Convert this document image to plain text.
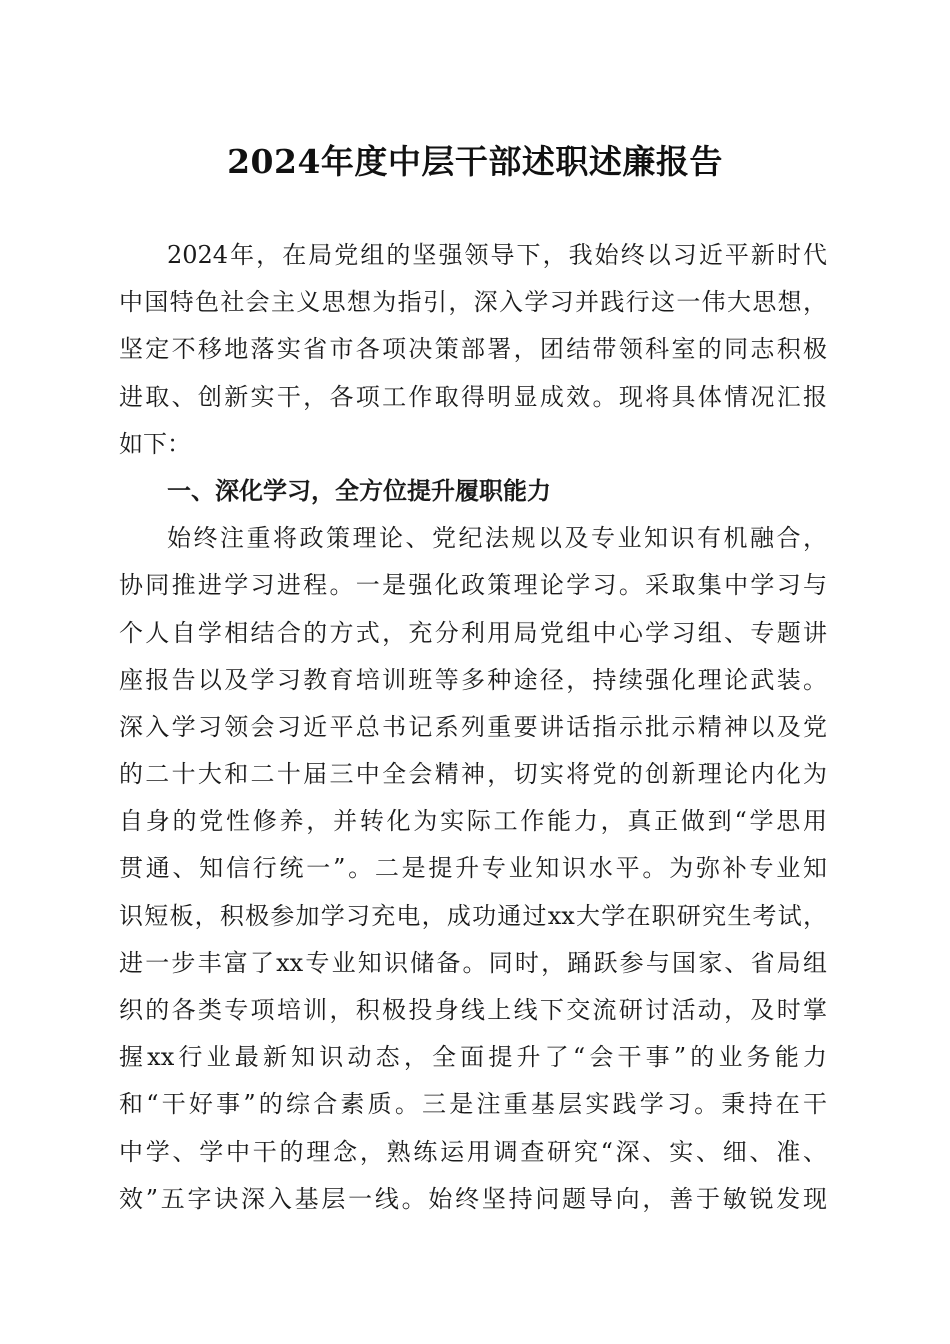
2024年度中层干部述职述廉报告
2024年，在局党组的坚强领导下，我始终以习近平新时代
中国特色社会主义思想为指引，深入学习并践行这一伟大思想，
坚定不移地落实省市各项决策部署，团结带领科室的同志积极
进取、创新实干，各项工作取得明显成效。现将具体情况汇报
如下：
一、深化学习，全方位提升履职能力
始终注重将政策理论、党纪法规以及专业知识有机融合，
协同推进学习进程。一是强化政策理论学习。采取集中学习与
个人自学相结合的方式，充分利用局党组中心学习组、专题讲
座报告以及学习教育培训班等多种途径，持续强化理论武装。
深入学习领会习近平总书记系列重要讲话指示批示精神以及党
的二十大和二十届三中全会精神，切实将党的创新理论内化为
自身的党性修养，并转化为实际工作能力，真正做到“学思用
贯通、知信行统一”。二是提升专业知识水平。为弥补专业知
识短板，积极参加学习充电，成功通过xx大学在职研究生考试，
进一步丰富了xx专业知识储备。同时，踊跃参与国家、省局组
织的各类专项培训，积极投身线上线下交流研讨活动，及时掌
握xx行业最新知识动态，全面提升了“会干事”的业务能力
和“干好事”的综合素质。三是注重基层实践学习。秉持在干
中学、学中干的理念，熟练运用调查研究“深、实、细、准、
效”五字诀深入基层一线。始终坚持问题导向，善于敏锐发现
